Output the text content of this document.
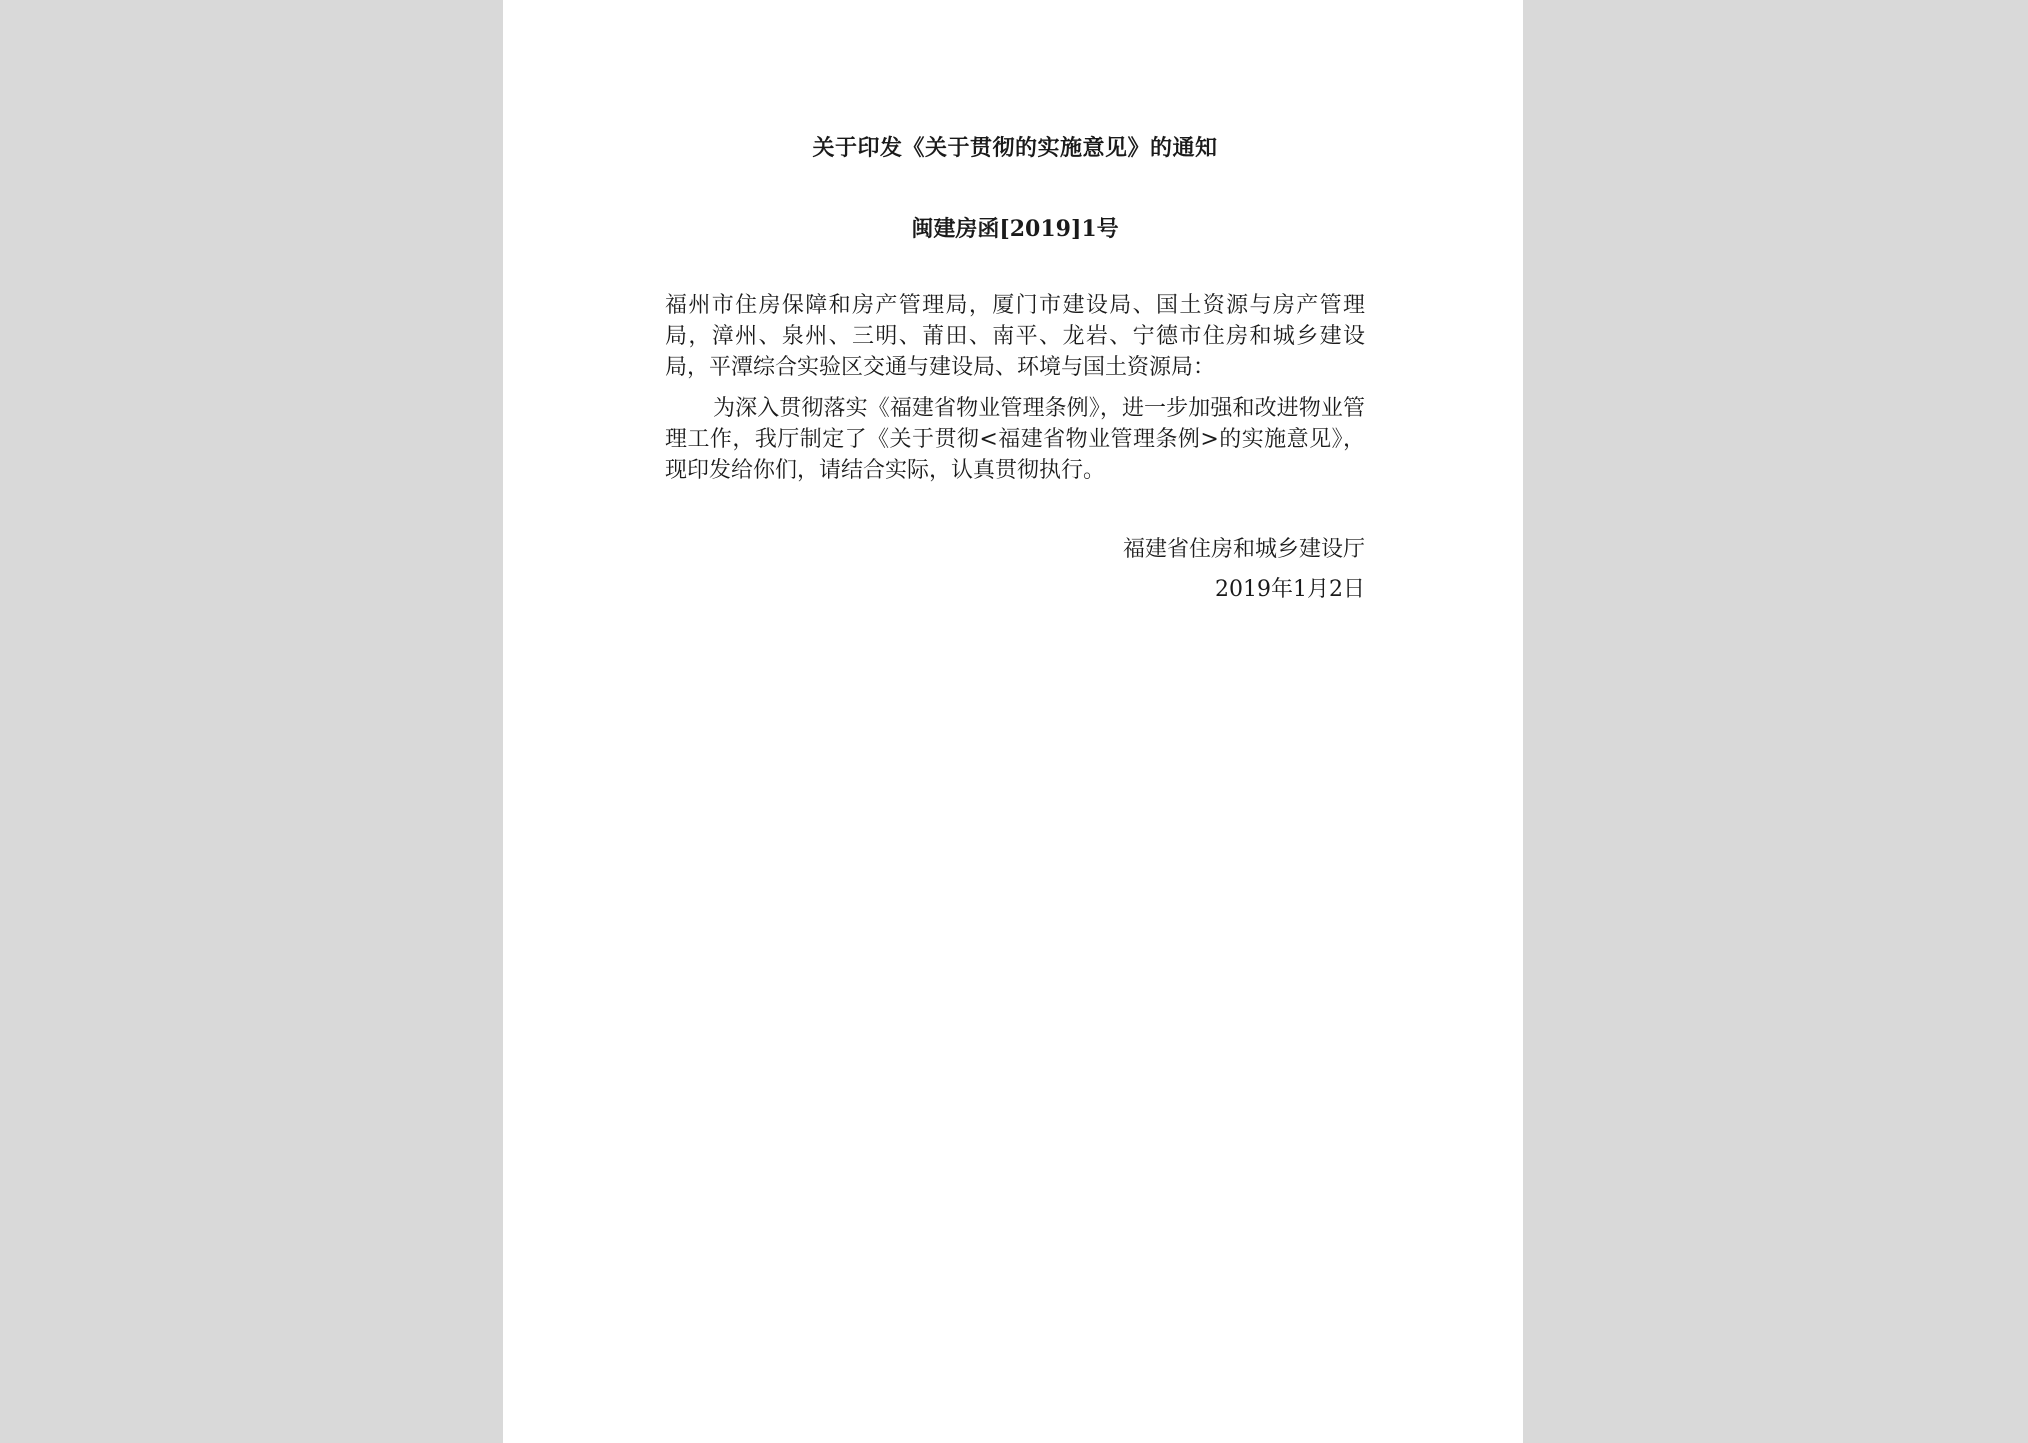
关于印发《关于贯彻的实施意见》的通知
闽建房函[2019]1号
福州市住房保障和房产管理局，厦门市建设局、国土资源与房产管理局，漳州、泉州、三明、莆田、南平、龙岩、宁德市住房和城乡建设局，平潭综合实验区交通与建设局、环境与国土资源局：
为深入贯彻落实《福建省物业管理条例》，进一步加强和改进物业管理工作，我厅制定了《关于贯彻<福建省物业管理条例>的实施意见》，现印发给你们，请结合实际，认真贯彻执行。
福建省住房和城乡建设厅
2019年1月2日
